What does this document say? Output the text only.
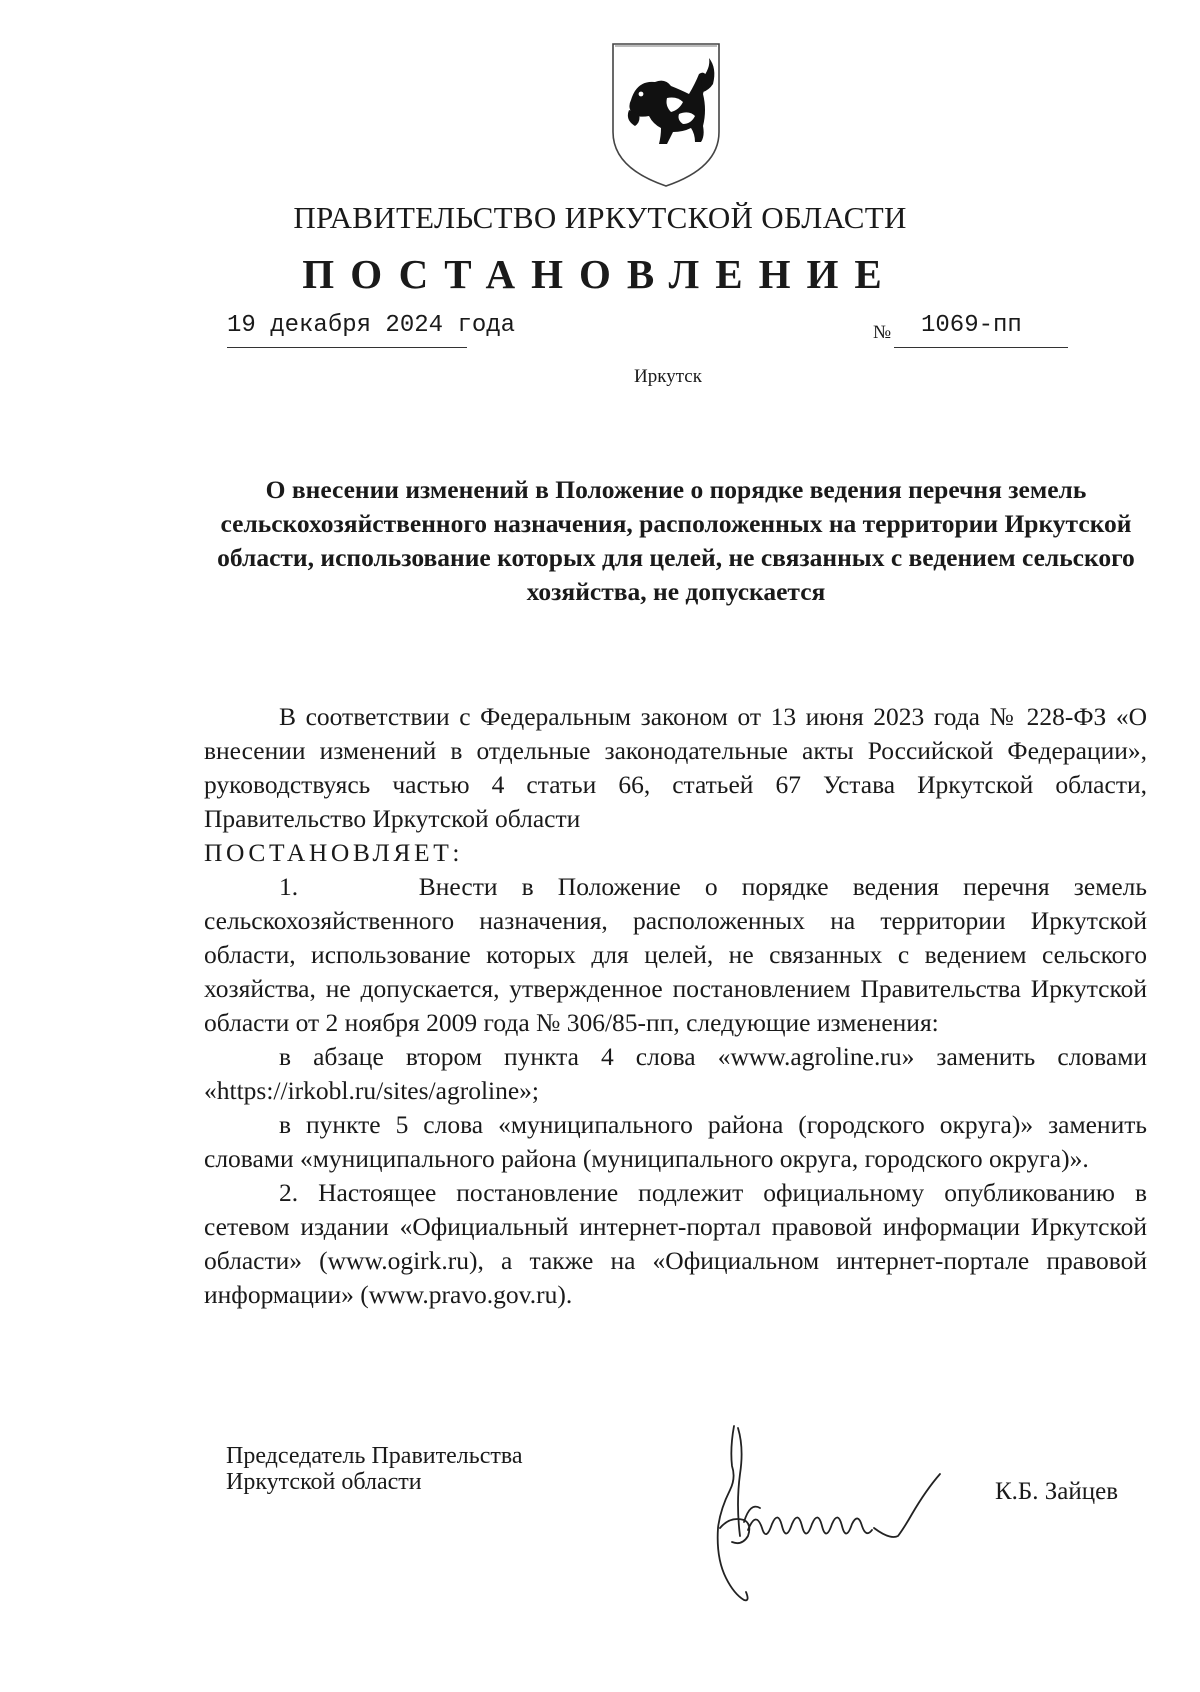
ПРАВИТЕЛЬСТВО ИРКУТСКОЙ ОБЛАСТИ
ПОСТАНОВЛЕНИЕ
19 декабря 2024 года	№ 1069-пп
Иркутск
О внесении изменений в Положение о порядке ведения перечня земель сельскохозяйственного назначения, расположенных на территории Иркутской области, использование которых для целей, не связанных с ведением сельского хозяйства, не допускается

В соответствии с Федеральным законом от 13 июня 2023 года № 228-ФЗ «О внесении изменений в отдельные законодательные акты Российской Федерации», руководствуясь частью 4 статьи 66, статьей 67 Устава Иркутской области, Правительство Иркутской области

ПОСТАНОВЛЯЕТ:

1.     Внести в Положение о порядке ведения перечня земель сельскохозяйственного назначения, расположенных на территории Иркутской области, использование которых для целей, не связанных с ведением сельского хозяйства, не допускается, утвержденное постановлением Правительства Иркутской области от 2 ноября 2009 года № 306/85-пп, следующие изменения:

в абзаце втором пункта 4 слова «www.agroline.ru» заменить словами «https://irkobl.ru/sites/agroline»;

в пункте 5 слова «муниципального района (городского округа)» заменить словами «муниципального района (муниципального округа, городского округа)».

2. Настоящее постановление подлежит официальному опубликованию в сетевом издании «Официальный интернет-портал правовой информации Иркутской области» (www.ogirk.ru), а также на «Официальном интернет-портале правовой информации» (www.pravo.gov.ru).

Председатель Правительства
Иркутской области	К.Б. Зайцев
